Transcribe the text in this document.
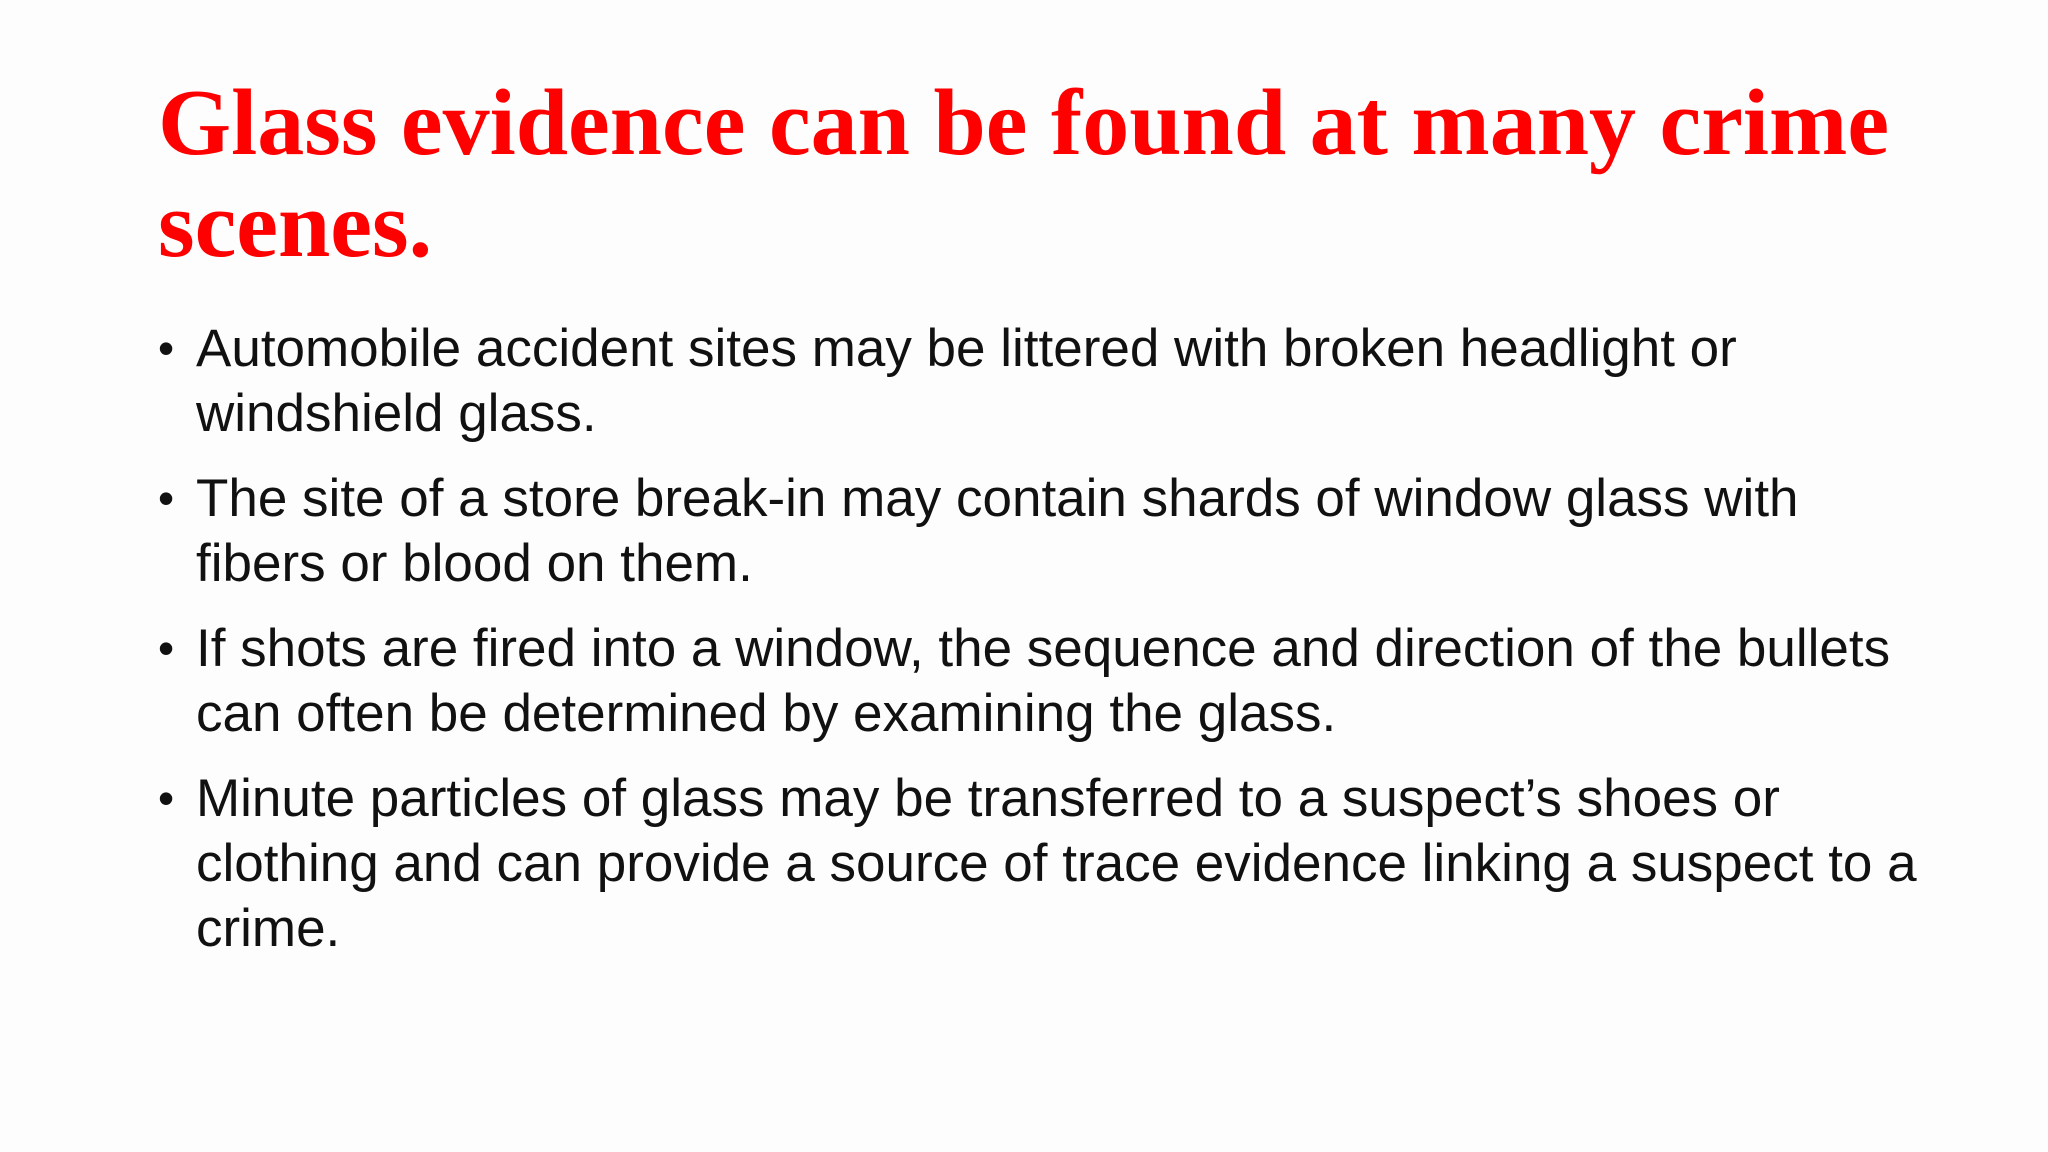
Glass evidence can be found at many crime scenes.
• Automobile accident sites may be littered with broken headlight or windshield glass.
• The site of a store break-in may contain shards of window glass with fibers or blood on them.
• If shots are fired into a window, the sequence and direction of the bullets can often be determined by examining the glass.
• Minute particles of glass may be transferred to a suspect’s shoes or clothing and can provide a source of trace evidence linking a suspect to a crime.
